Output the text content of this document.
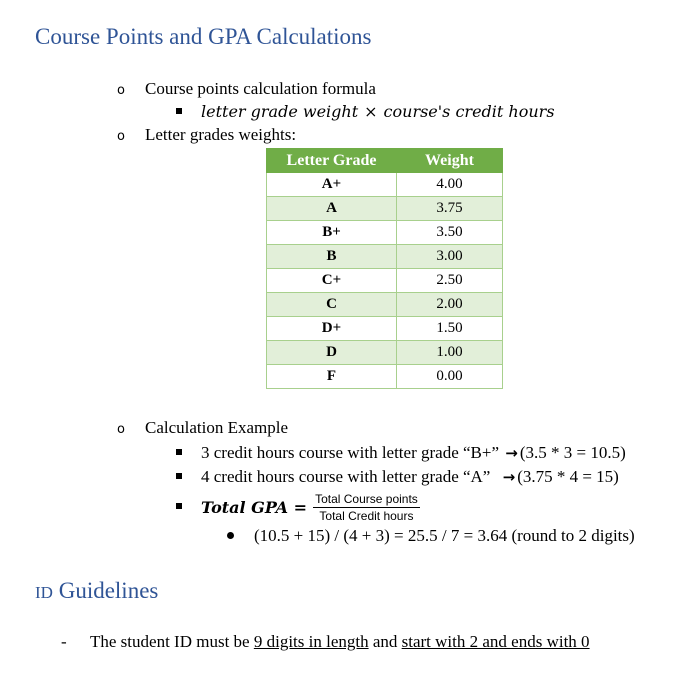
Course Points and GPA Calculations
o Course points calculation formula
letter grade weight × course's credit hours
o Letter grades weights:
Letter Grade	Weight
A+	4.00
A	3.75
B+	3.50
B	3.00
C+	2.50
C	2.00
D+	1.50
D	1.00
F	0.00
o Calculation Example
3 credit hours course with letter grade “B+” → (3.5 * 3 = 10.5)
4 credit hours course with letter grade “A” → (3.75 * 4 = 15)
Total GPA = $\frac{\text{Total Course points}}{\text{Total Credit hours}}$
(10.5 + 15) / (4 + 3) = 25.5 / 7 = 3.64 (round to 2 digits)
ID Guidelines
- The student ID must be 9 digits in length and start with 2 and ends with 0
